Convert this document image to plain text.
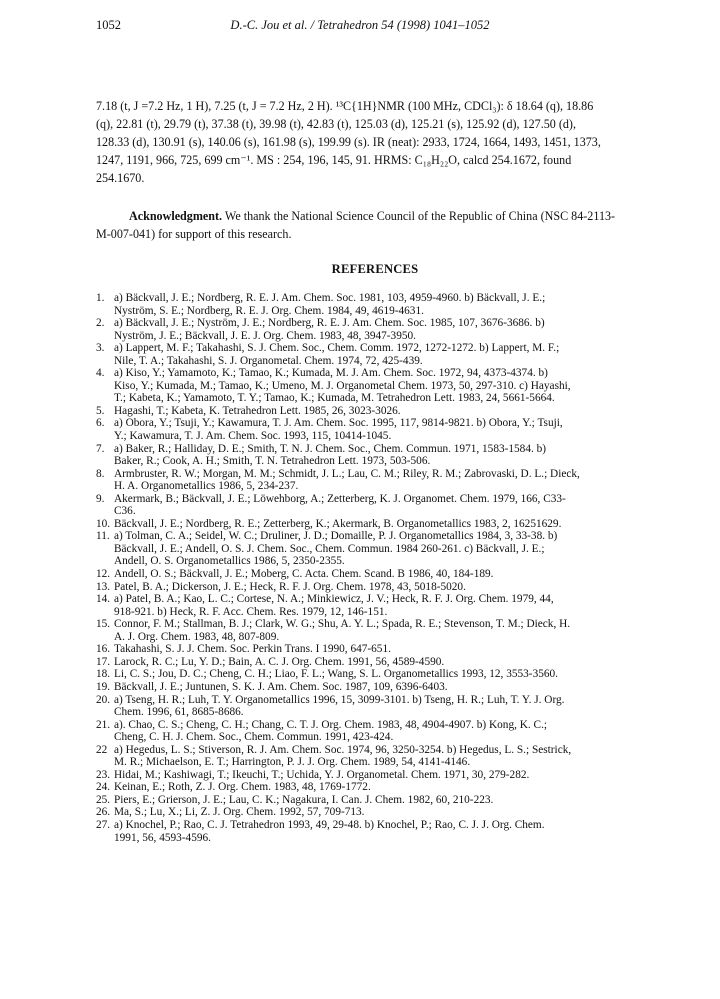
1052	D.-C. Jou et al. / Tetrahedron 54 (1998) 1041–1052
7.18 (t, J =7.2 Hz, 1 H), 7.25 (t, J = 7.2 Hz, 2 H). ¹³C{1H}NMR (100 MHz, CDCl₃): δ 18.64 (q), 18.86
(q), 22.81 (t), 29.79 (t), 37.38 (t), 39.98 (t), 42.83 (t), 125.03 (d), 125.21 (s), 125.92 (d), 127.50 (d),
128.33 (d), 130.91 (s), 140.06 (s), 161.98 (s), 199.99 (s). IR (neat): 2933, 1724, 1664, 1493, 1451, 1373,
1247, 1191, 966, 725, 699 cm⁻¹. MS : 254, 196, 145, 91. HRMS: C₁₈H₂₂O, calcd 254.1672, found
254.1670.
Acknowledgment. We thank the National Science Council of the Republic of China (NSC 84-2113-
M-007-041) for support of this research.
REFERENCES
1. a) Bäckvall, J. E.; Nordberg, R. E. J. Am. Chem. Soc. 1981, 103, 4959-4960. b) Bäckvall, J. E.;
Nyström, S. E.; Nordberg, R. E. J. Org. Chem. 1984, 49, 4619-4631.
2. a) Bäckvall, J. E.; Nyström, J. E.; Nordberg, R. E. J. Am. Chem. Soc. 1985, 107, 3676-3686. b)
Nyström, J. E.; Bäckvall, J. E. J. Org. Chem. 1983, 48, 3947-3950.
3. a) Lappert, M. F.; Takahashi, S. J. Chem. Soc., Chem. Comm. 1972, 1272-1272. b) Lappert, M. F.;
Nile, T. A.; Takahashi, S. J. Organometal. Chem. 1974, 72, 425-439.
4. a) Kiso, Y.; Yamamoto, K.; Tamao, K.; Kumada, M. J. Am. Chem. Soc. 1972, 94, 4373-4374. b)
Kiso, Y.; Kumada, M.; Tamao, K.; Umeno, M. J. Organometal Chem. 1973, 50, 297-310. c) Hayashi,
T.; Kabeta, K.; Yamamoto, T. Y.; Tamao, K.; Kumada, M. Tetrahedron Lett. 1983, 24, 5661-5664.
5. Hagashi, T.; Kabeta, K. Tetrahedron Lett. 1985, 26, 3023-3026.
6. a) Obora, Y.; Tsuji, Y.; Kawamura, T. J. Am. Chem. Soc. 1995, 117, 9814-9821. b) Obora, Y.; Tsuji,
Y.; Kawamura, T. J. Am. Chem. Soc. 1993, 115, 10414-1045.
7. a) Baker, R.; Halliday, D. E.; Smith, T. N. J. Chem. Soc., Chem. Commun. 1971, 1583-1584. b)
Baker, R.; Cook, A. H.; Smith, T. N. Tetrahedron Lett. 1973, 503-506.
8. Armbruster, R. W.; Morgan, M. M.; Schmidt, J. L.; Lau, C. M.; Riley, R. M.; Zabrovaski, D. L.; Dieck,
H. A. Organometallics 1986, 5, 234-237.
9. Akermark, B.; Bäckvall, J. E.; Löwehborg, A.; Zetterberg, K. J. Organomet. Chem. 1979, 166, C33-
C36.
10. Bäckvall, J. E.; Nordberg, R. E.; Zetterberg, K.; Akermark, B. Organometallics 1983, 2, 16251629.
11. a) Tolman, C. A.; Seidel, W. C.; Druliner, J. D.; Domaille, P. J. Organometallics 1984, 3, 33-38. b)
Bäckvall, J. E.; Andell, O. S. J. Chem. Soc., Chem. Commun. 1984 260-261. c) Bäckvall, J. E.;
Andell, O. S. Organometallics 1986, 5, 2350-2355.
12. Andell, O. S.; Bäckvall, J. E.; Moberg, C. Acta. Chem. Scand. B 1986, 40, 184-189.
13. Patel, B. A.; Dickerson, J. E.; Heck, R. F. J. Org. Chem. 1978, 43, 5018-5020.
14. a) Patel, B. A.; Kao, L. C.; Cortese, N. A.; Minkiewicz, J. V.; Heck, R. F. J. Org. Chem. 1979, 44,
918-921. b) Heck, R. F. Acc. Chem. Res. 1979, 12, 146-151.
15. Connor, F. M.; Stallman, B. J.; Clark, W. G.; Shu, A. Y. L.; Spada, R. E.; Stevenson, T. M.; Dieck, H.
A. J. Org. Chem. 1983, 48, 807-809.
16. Takahashi, S. J. J. Chem. Soc. Perkin Trans. I 1990, 647-651.
17. Larock, R. C.; Lu, Y. D.; Bain, A. C. J. Org. Chem. 1991, 56, 4589-4590.
18. Li, C. S.; Jou, D. C.; Cheng, C. H.; Liao, F. L.; Wang, S. L. Organometallics 1993, 12, 3553-3560.
19. Bäckvall, J. E.; Juntunen, S. K. J. Am. Chem. Soc. 1987, 109, 6396-6403.
20. a) Tseng, H. R.; Luh, T. Y. Organometallics 1996, 15, 3099-3101. b) Tseng, H. R.; Luh, T. Y. J. Org.
Chem. 1996, 61, 8685-8686.
21. a). Chao, C. S.; Cheng, C. H.; Chang, C. T. J. Org. Chem. 1983, 48, 4904-4907. b) Kong, K. C.;
Cheng, C. H. J. Chem. Soc., Chem. Commun. 1991, 423-424.
22 a) Hegedus, L. S.; Stiverson, R. J. Am. Chem. Soc. 1974, 96, 3250-3254. b) Hegedus, L. S.; Sestrick,
M. R.; Michaelson, E. T.; Harrington, P. J. J. Org. Chem. 1989, 54, 4141-4146.
23. Hidai, M.; Kashiwagi, T.; Ikeuchi, T.; Uchida, Y. J. Organometal. Chem. 1971, 30, 279-282.
24. Keinan, E.; Roth, Z. J. Org. Chem. 1983, 48, 1769-1772.
25. Piers, E.; Grierson, J. E.; Lau, C. K.; Nagakura, I. Can. J. Chem. 1982, 60, 210-223.
26. Ma, S.; Lu, X.; Li, Z. J. Org. Chem. 1992, 57, 709-713.
27. a) Knochel, P.; Rao, C. J. Tetrahedron 1993, 49, 29-48. b) Knochel, P.; Rao, C. J. J. Org. Chem.
1991, 56, 4593-4596.
